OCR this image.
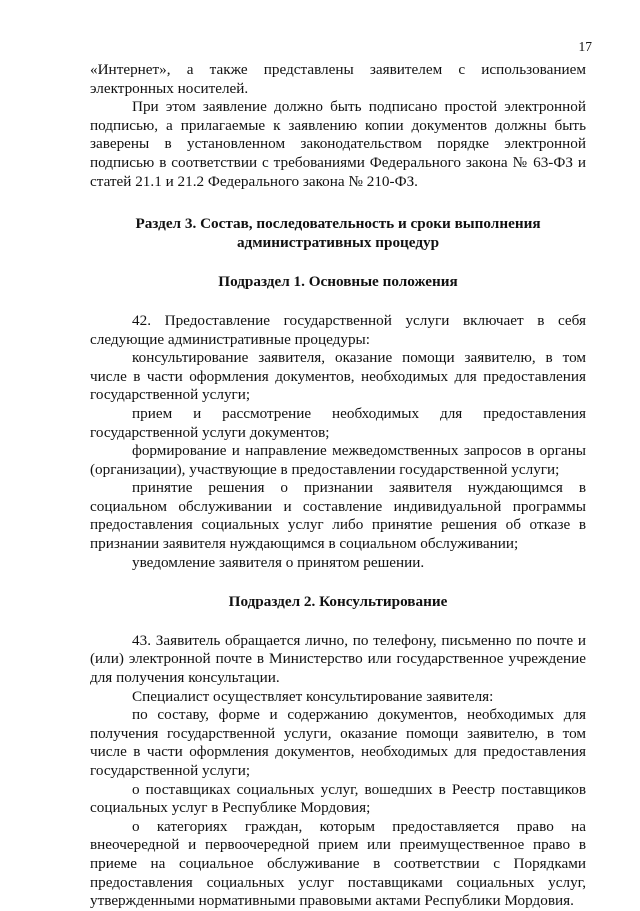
17

«Интернет», а также представлены заявителем с использованием электронных носителей.

При этом заявление должно быть подписано простой электронной подписью, а прилагаемые к заявлению копии документов должны быть заверены в установленном законодательством порядке электронной подписью в соответствии с требованиями Федерального закона № 63-ФЗ и статей 21.1 и 21.2 Федерального закона № 210-ФЗ.

Раздел 3. Состав, последовательность и сроки выполнения административных процедур

Подраздел 1. Основные положения

42. Предоставление государственной услуги включает в себя следующие административные процедуры:

консультирование заявителя, оказание помощи заявителю, в том числе в части оформления документов, необходимых для предоставления государственной услуги;

прием и рассмотрение необходимых для предоставления государственной услуги документов;

формирование и направление межведомственных запросов в органы (организации), участвующие в предоставлении государственной услуги;

принятие решения о признании заявителя нуждающимся в социальном обслуживании и составление индивидуальной программы предоставления социальных услуг либо принятие решения об отказе в признании заявителя нуждающимся в социальном обслуживании;

уведомление заявителя о принятом решении.

Подраздел 2. Консультирование

43. Заявитель обращается лично, по телефону, письменно по почте и (или) электронной почте в Министерство или государственное учреждение для получения консультации.

Специалист осуществляет консультирование заявителя:

по составу, форме и содержанию документов, необходимых для получения государственной услуги, оказание помощи заявителю, в том числе в части оформления документов, необходимых для предоставления государственной услуги;

о поставщиках социальных услуг, вошедших в Реестр поставщиков социальных услуг в Республике Мордовия;

о категориях граждан, которым предоставляется право на внеочередной и первоочередной прием или преимущественное право в приеме на социальное обслуживание в соответствии с Порядками предоставления социальных услуг поставщиками социальных услуг, утвержденными нормативными правовыми актами Республики Мордовия.
